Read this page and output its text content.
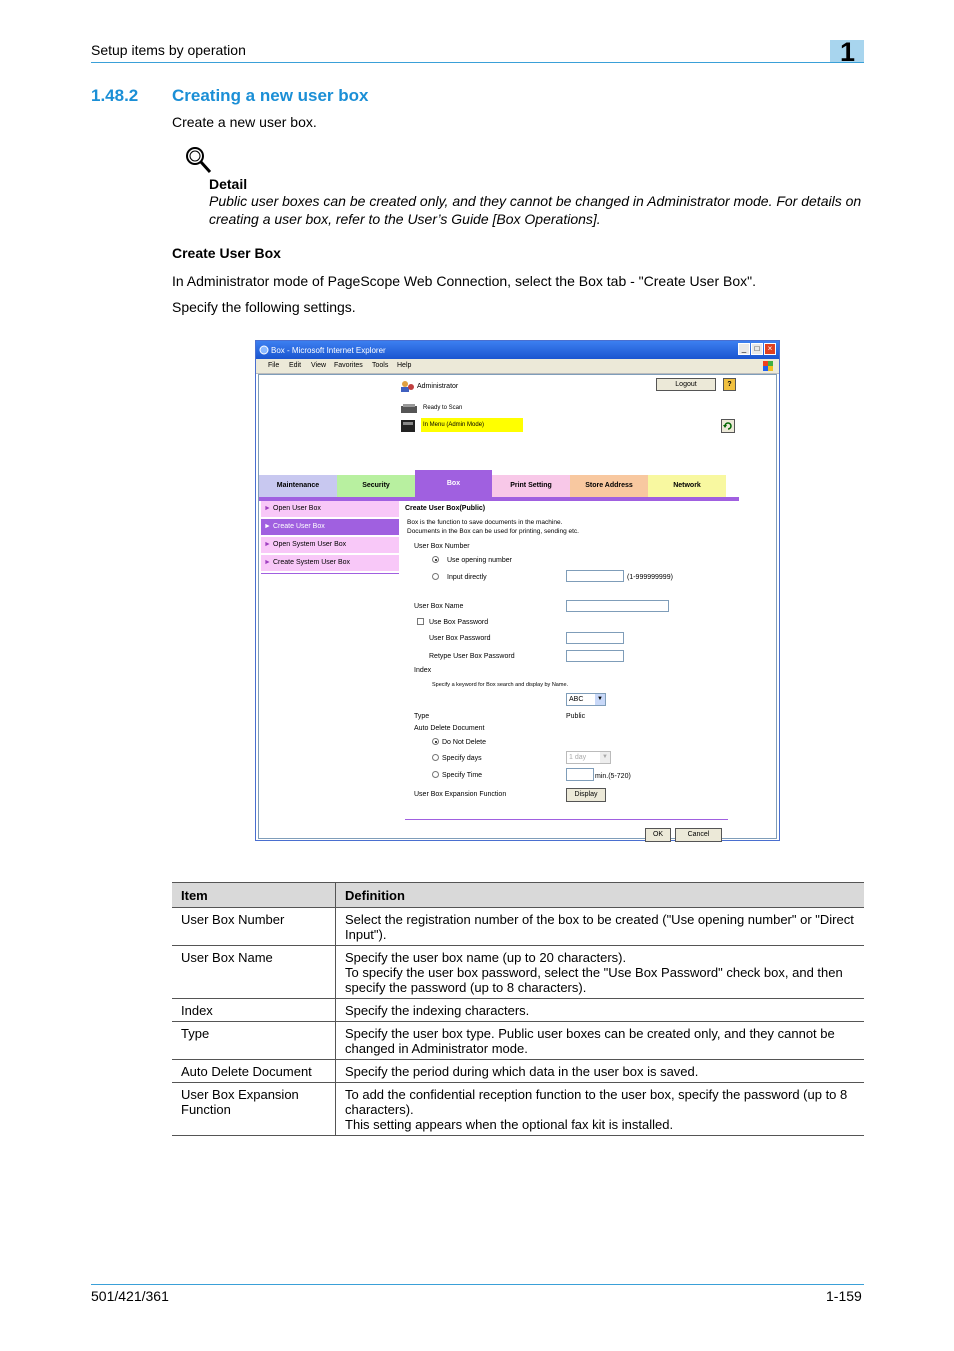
Setup items by operation	1
1.48.2 Creating a new user box
Create a new user box.
Detail
Public user boxes can be created only, and they cannot be changed in Administrator mode. For details on creating a user box, refer to the User’s Guide [Box Operations].
Create User Box
In Administrator mode of PageScope Web Connection, select the Box tab - "Create User Box".
Specify the following settings.
Box - Microsoft Internet Explorer	_	□	×
File Edit View Favorites Tools Help
Administrator	Logout	?
Ready to Scan
In Menu (Admin Mode)
Maintenance	Security	Box	Print Setting	Store Address	Network
► Open User Box
► Create User Box
► Open System User Box
► Create System User Box
Create User Box(Public)
Box is the function to save documents in the machine.
Documents in the Box can be used for printing, sending etc.
User Box Number
Use opening number
Input directly	(1-999999999)
User Box Name
Use Box Password
User Box Password
Retype User Box Password
Index
Specify a keyword for Box search and display by Name.
ABC	▼
Type	Public
Auto Delete Document
Do Not Delete
Specify days	1 day	▼
Specify Time	min.(5-720)
User Box Expansion Function	Display
OK	Cancel
Item	Definition
User Box Number	Select the registration number of the box to be created ("Use opening number" or "Direct Input").

User Box Name	Specify the user box name (up to 20 characters).
To specify the user box password, select the "Use Box Password" check box, and then specify the password (up to 8 characters).

Index	Specify the indexing characters.

Type	Specify the user box type. Public user boxes can be created only, and they cannot be changed in Administrator mode.

Auto Delete Document	Specify the period during which data in the user box is saved.

User Box Expansion Function	To add the confidential reception function to the user box, specify the password (up to 8 characters).
This setting appears when the optional fax kit is installed.
501/421/361	1-159
